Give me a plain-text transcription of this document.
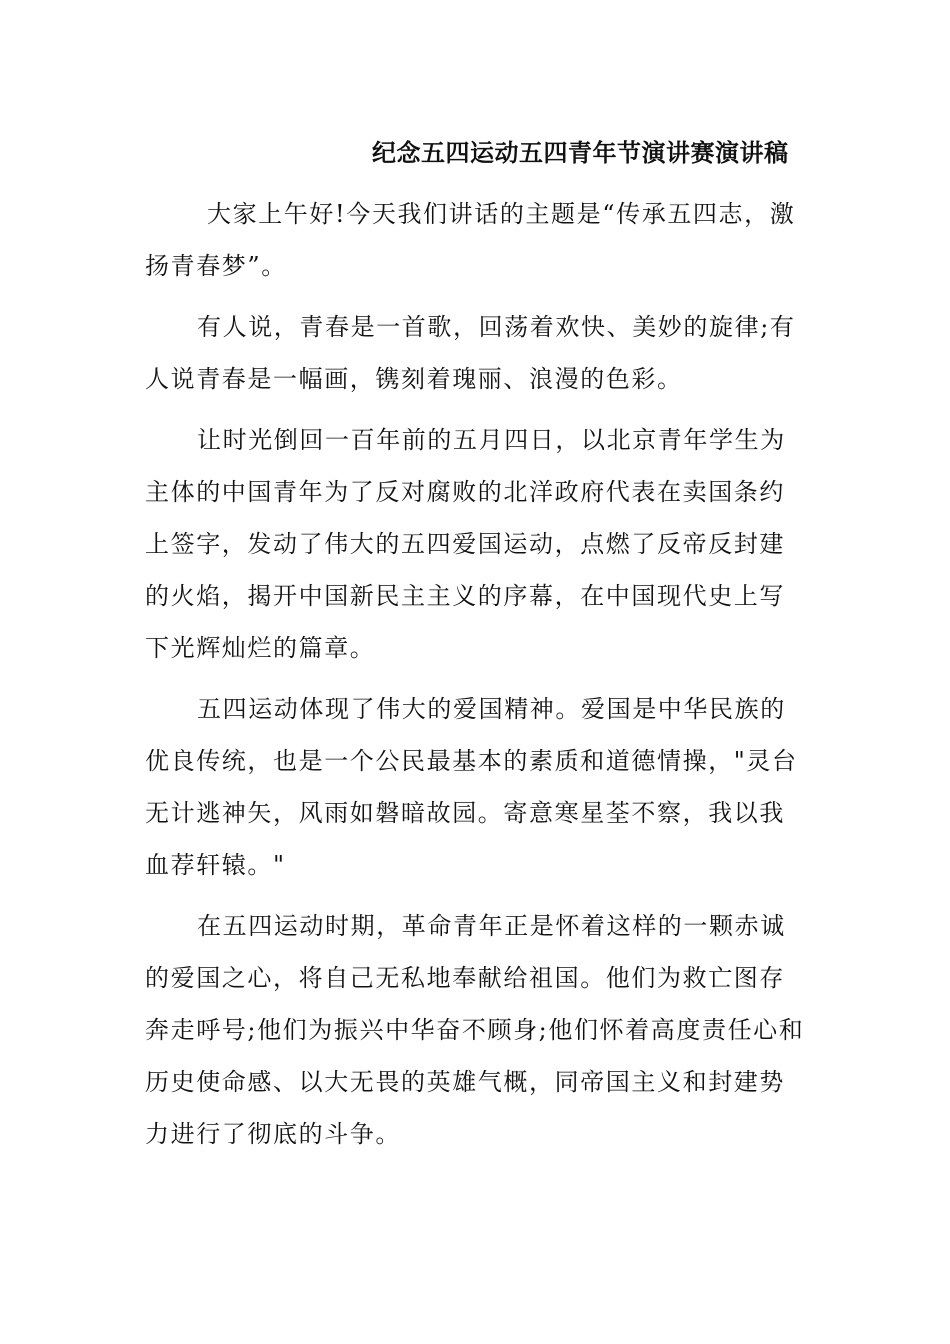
纪念五四运动五四青年节演讲赛演讲稿

大家上午好!今天我们讲话的主题是“传承五四志，激扬青春梦”。

有人说，青春是一首歌，回荡着欢快、美妙的旋律;有人说青春是一幅画，镌刻着瑰丽、浪漫的色彩。

让时光倒回一百年前的五月四日，以北京青年学生为主体的中国青年为了反对腐败的北洋政府代表在卖国条约上签字，发动了伟大的五四爱国运动，点燃了反帝反封建的火焰，揭开中国新民主主义的序幕，在中国现代史上写下光辉灿烂的篇章。

五四运动体现了伟大的爱国精神。爱国是中华民族的优良传统，也是一个公民最基本的素质和道德情操，"灵台无计逃神矢，风雨如磐暗故园。寄意寒星荃不察，我以我血荐轩辕。"

在五四运动时期，革命青年正是怀着这样的一颗赤诚的爱国之心，将自己无私地奉献给祖国。他们为救亡图存奔走呼号;他们为振兴中华奋不顾身;他们怀着高度责任心和历史使命感、以大无畏的英雄气概，同帝国主义和封建势力进行了彻底的斗争。
